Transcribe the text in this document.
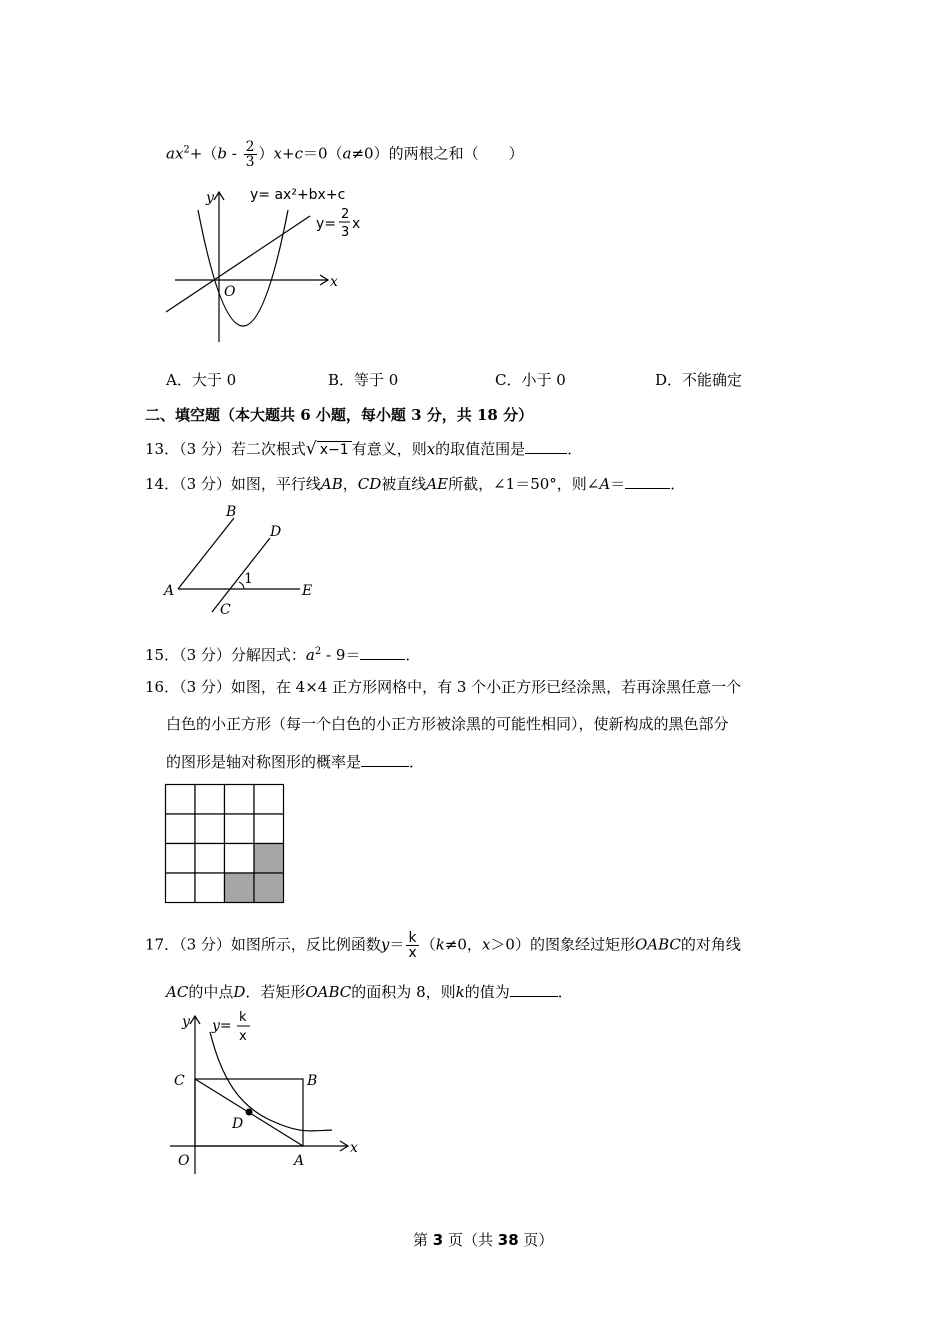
$ax^2+(b - \frac{2}{3} )x+c=0(a\ne 0)$的两根之和（　　）
y
x
O
y= ax²+bx+c
y=
2
3
x
A．大于 0	B．等于 0	C．小于 0	D．不能确定
二、填空题（本大题共 6 小题，每小题 3 分，共 18 分）
13．（3 分）若二次根式√ x−1 有意义，则x的取值范围是	．
14．（3 分）如图，平行线AB，CD被直线AE所截，∠1＝50°，则∠A＝	．
B
D
A
C
E
1
15．（3 分）分解因式：$a^2 - 9=$	．
16．（3 分）如图，在 4×4 正方形网格中，有 3 个小正方形已经涂黑，若再涂黑任意一个
白色的小正方形（每一个白色的小正方形被涂黑的可能性相同），使新构成的黑色部分
的图形是轴对称图形的概率是	．
17．（3 分）如图所示，反比例函数$y= \frac{k}{x} (k\ne 0$，x＞0）的图象经过矩形OABC的对角线
AC的中点D．若矩形OABC的面积为 8，则k的值为	．
y
x
O	A
B
C
D
y=
k
x
第 3 页（共 38 页）
